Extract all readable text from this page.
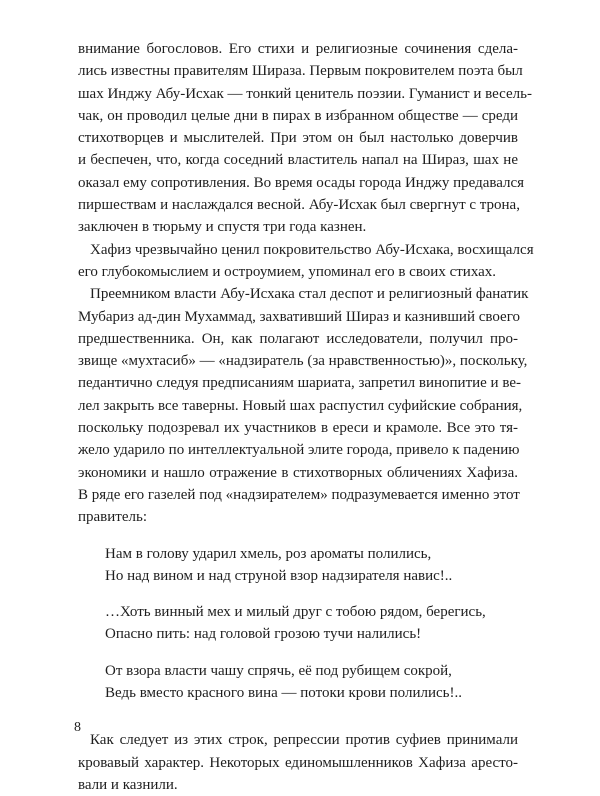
внимание богословов. Его стихи и религиозные сочинения сдела-
лись известны правителям Шираза. Первым покровителем поэта был
шах Инджу Абу-Исхак — тонкий ценитель поэзии. Гуманист и весель-
чак, он проводил целые дни в пирах в избранном обществе — среди
стихотворцев и мыслителей. При этом он был настолько доверчив
и беспечен, что, когда соседний властитель напал на Шираз, шах не
оказал ему сопротивления. Во время осады города Инджу предавался
пиршествам и наслаждался весной. Абу-Исхак был свергнут с трона,
заключен в тюрьму и спустя три года казнен.

Хафиз чрезвычайно ценил покровительство Абу-Исхака, восхищался
его глубокомыслием и остроумием, упоминал его в своих стихах.

Преемником власти Абу-Исхака стал деспот и религиозный фанатик
Мубариз ад-дин Мухаммад, захвативший Шираз и казнивший своего
предшественника. Он, как полагают исследователи, получил про-
звище «мухтасиб» — «надзиратель (за нравственностью)», поскольку,
педантично следуя предписаниям шариата, запретил винопитие и ве-
лел закрыть все таверны. Новый шах распустил суфийские собрания,
поскольку подозревал их участников в ереси и крамоле. Все это тя-
жело ударило по интеллектуальной элите города, привело к падению
экономики и нашло отражение в стихотворных обличениях Хафиза.
В ряде его газелей под «надзирателем» подразумевается именно этот
правитель:

Нам в голову ударил хмель, роз ароматы полились,
Но над вином и над струной взор надзирателя навис!..
…Хоть винный мех и милый друг с тобою рядом, берегись,
Опасно пить: над головой грозою тучи налились!
От взора власти чашу спрячь, её под рубищем сокрой,
Ведь вместо красного вина — потоки крови полились!..

Как следует из этих строк, репрессии против суфиев принимали
кровавый характер. Некоторых единомышленников Хафиза аресто-
вали и казнили.

8
